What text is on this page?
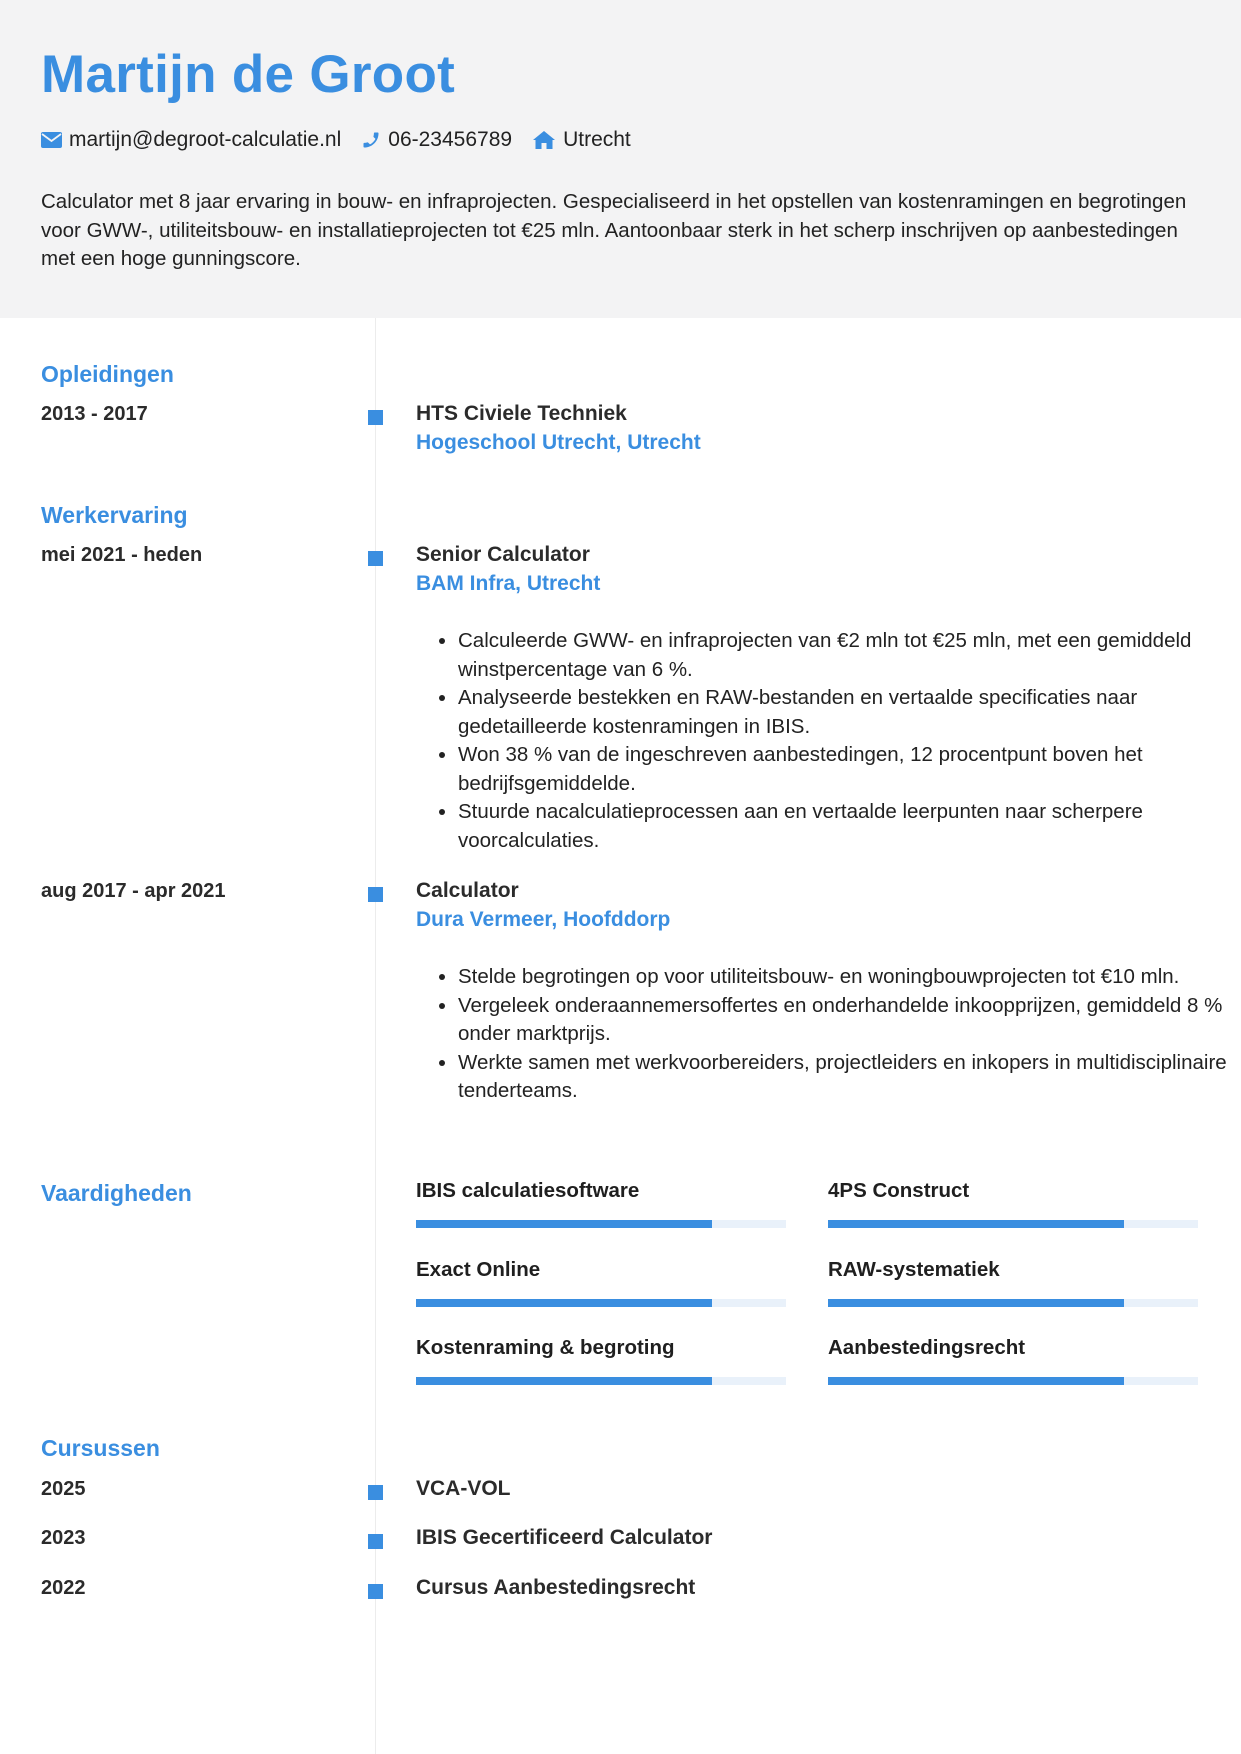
Martijn de Groot
martijn@degroot-calculatie.nl 06-23456789 Utrecht

Calculator met 8 jaar ervaring in bouw- en infraprojecten. Gespecialiseerd in het opstellen van kostenramingen en begrotingen voor GWW-, utiliteitsbouw- en installatieprojecten tot €25 mln. Aantoonbaar sterk in het scherp inschrijven op aanbestedingen met een hoge gunningscore.

Opleidingen
2013 - 2017	HTS Civiele Techniek
Hogeschool Utrecht, Utrecht
Werkervaring
mei 2021 - heden	Senior Calculator
BAM Infra, Utrecht
• Calculeerde GWW- en infraprojecten van €2 mln tot €25 mln, met een gemiddeld winstpercentage van 6 %.
• Analyseerde bestekken en RAW-bestanden en vertaalde specificaties naar gedetailleerde kostenramingen in IBIS.
• Won 38 % van de ingeschreven aanbestedingen, 12 procentpunt boven het bedrijfsgemiddelde.
• Stuurde nacalculatieprocessen aan en vertaalde leerpunten naar scherpere voorcalculaties.
aug 2017 - apr 2021	Calculator
Dura Vermeer, Hoofddorp
• Stelde begrotingen op voor utiliteitsbouw- en woningbouwprojecten tot €10 mln.
• Vergeleek onderaannemersoffertes en onderhandelde inkoopprijzen, gemiddeld 8 % onder marktprijs.
• Werkte samen met werkvoorbereiders, projectleiders en inkopers in multidisciplinaire tenderteams.
Vaardigheden	IBIS calculatiesoftware	4PS Construct
Exact Online	RAW-systematiek
Kostenraming & begroting	Aanbestedingsrecht
Cursussen
2025	VCA-VOL
2023	IBIS Gecertificeerd Calculator
2022	Cursus Aanbestedingsrecht
